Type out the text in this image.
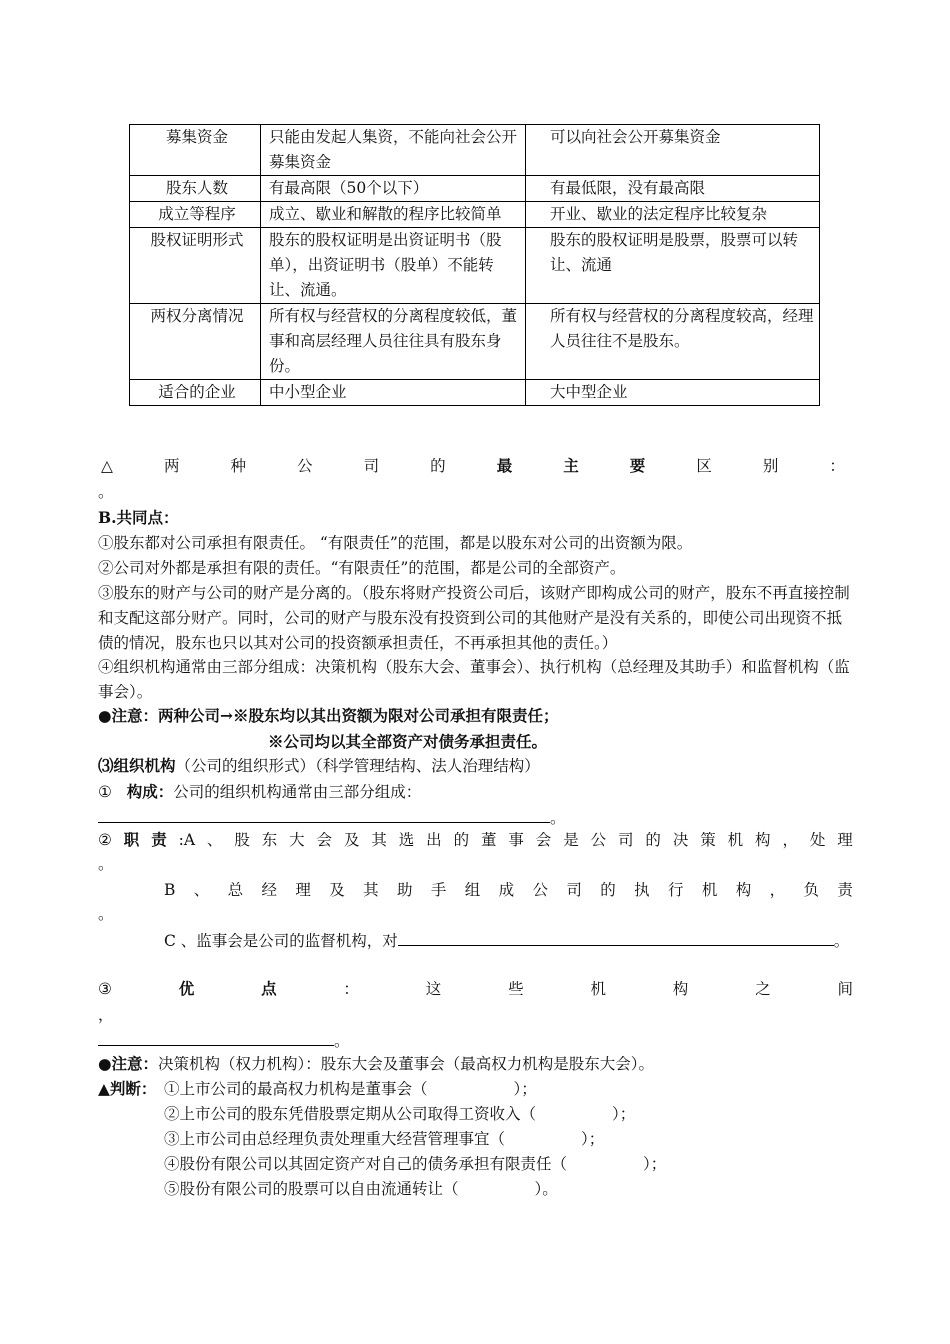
募集资金	只能由发起人集资，不能向社会公开募集资金	可以向社会公开募集资金
股东人数	有最高限（50个以下）	有最低限，没有最高限
成立等程序	成立、歇业和解散的程序比较简单	开业、歇业的法定程序比较复杂
股权证明形式	股东的股权证明是出资证明书（股单），出资证明书（股单）不能转让、流通。	股东的股权证明是股票，股票可以转让、流通
两权分离情况	所有权与经营权的分离程度较低，董事和高层经理人员往往具有股东身份。	所有权与经营权的分离程度较高，经理人员往往不是股东。
适合的企业	中小型企业	大中型企业
△	两	种	公	司	的	最	主	要	区	别	：
。
B.共同点：
①股东都对公司承担有限责任。 “有限责任”的范围，都是以股东对公司的出资额为限。
②公司对外都是承担有限的责任。“有限责任”的范围，都是公司的全部资产。
③股东的财产与公司的财产是分离的。（股东将财产投资公司后，该财产即构成公司的财产，股东不再直接控制和支配这部分财产。同时，公司的财产与股东没有投资到公司的其他财产是没有关系的，即使公司出现资不抵债的情况，股东也只以其对公司的投资额承担责任，不再承担其他的责任。）
④组织机构通常由三部分组成：决策机构（股东大会、董事会）、执行机构（总经理及其助手）和监督机构（监事会）。
●注意：两种公司→※股东均以其出资额为限对公司承担有限责任；
※公司均以其全部资产对债务承担责任。
⑶组织机构（公司的组织形式）（科学管理结构、法人治理结构）
① 构成：公司的组织机构通常由三部分组成：
。
② 职 责 :A 、 股 东 大 会 及 其 选 出 的 董 事 会 是 公 司 的 决 策 机 构 ， 处 理
。
B 、 总 经 理 及 其 助 手 组 成 公 司 的 执 行 机 构 ， 负 责
。
C 、监事会是公司的监督机构，对	。
③	优	点	：	这	些	机	构	之	间
，
。
●注意：决策机构（权力机构）：股东大会及董事会（最高权力机构是股东大会）。
▲判断： ①上市公司的最高权力机构是董事会（	）；
②上市公司的股东凭借股票定期从公司取得工资收入（	）；
③上市公司由总经理负责处理重大经营管理事宜（	）；
④股份有限公司以其固定资产对自己的债务承担有限责任（	）；
⑤股份有限公司的股票可以自由流通转让（	）。
